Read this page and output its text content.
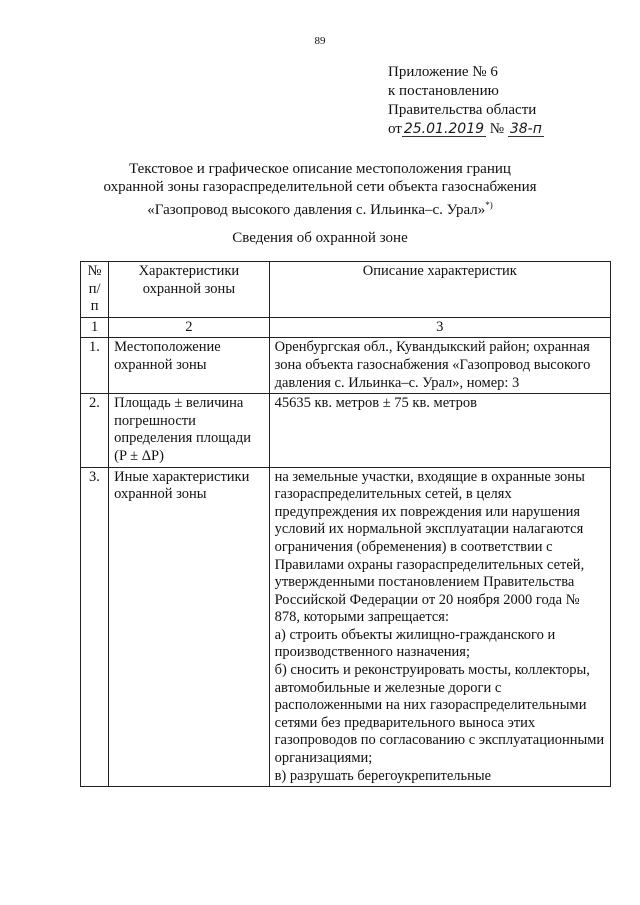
89
Приложение № 6
к постановлению
Правительства области
от 25.01.2019 № 38-п
Текстовое и графическое описание местоположения границ
охранной зоны газораспределительной сети объекта газоснабжения
«Газопровод высокого давления с. Ильинка–с. Урал»*)
Сведения об охранной зоне
№ п/п	Характеристики охранной зоны	Описание характеристик
1	2	3
1.	Местоположение охранной зоны	Оренбургская обл., Кувандыкский район; охранная зона объекта газоснабжения «Газопровод высокого давления с. Ильинка–с. Урал», номер: 3
2.	Площадь ± величина погрешности определения площади (P ± ΔP)	45635 кв. метров ± 75 кв. метров
3.	Иные характеристики охранной зоны	на земельные участки, входящие в охранные зоны газораспределительных сетей, в целях предупреждения их повреждения или нарушения условий их нормальной эксплуатации налагаются ограничения (обременения) в соответствии с Правилами охраны газораспределительных сетей, утвержденными постановлением Правительства Российской Федерации от 20 ноября 2000 года № 878, которыми запрещается:
а) строить объекты жилищно-гражданского и производственного назначения;
б) сносить и реконструировать мосты, коллекторы, автомобильные и железные дороги с расположенными на них газораспределительными сетями без предварительного выноса этих газопроводов по согласованию с эксплуатационными организациями;
в) разрушать берегоукрепительные
